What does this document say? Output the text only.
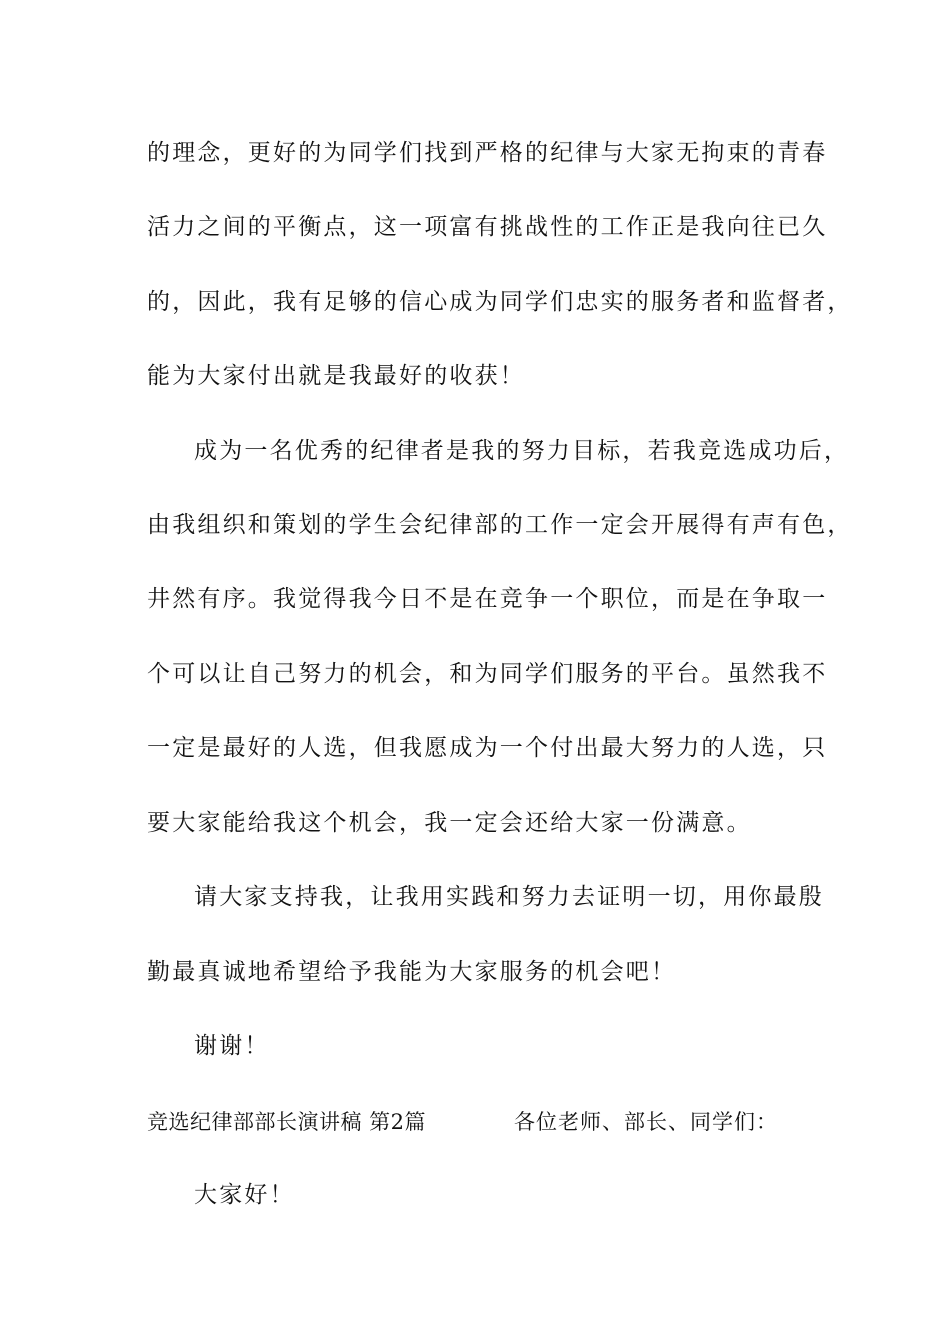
的理念，更好的为同学们找到严格的纪律与大家无拘束的青春
活力之间的平衡点，这一项富有挑战性的工作正是我向往已久
的，因此，我有足够的信心成为同学们忠实的服务者和监督者，
能为大家付出就是我最好的收获！
成为一名优秀的纪律者是我的努力目标，若我竞选成功后，
由我组织和策划的学生会纪律部的工作一定会开展得有声有色，
井然有序。我觉得我今日不是在竞争一个职位，而是在争取一
个可以让自己努力的机会，和为同学们服务的平台。虽然我不
一定是最好的人选，但我愿成为一个付出最大努力的人选，只
要大家能给我这个机会，我一定会还给大家一份满意。
请大家支持我，让我用实践和努力去证明一切，用你最殷
勤最真诚地希望给予我能为大家服务的机会吧！
谢谢！
竞选纪律部部长演讲稿 第2篇	各位老师、部长、同学们：
大家好！
